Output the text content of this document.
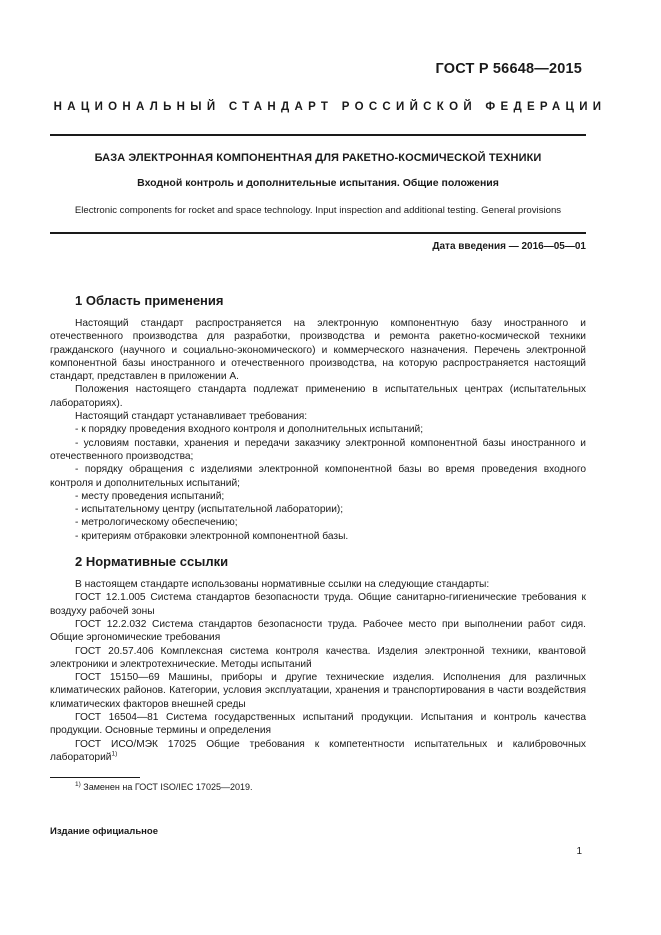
ГОСТ Р 56648—2015
НАЦИОНАЛЬНЫЙ СТАНДАРТ РОССИЙСКОЙ ФЕДЕРАЦИИ
БАЗА ЭЛЕКТРОННАЯ КОМПОНЕНТНАЯ ДЛЯ РАКЕТНО-КОСМИЧЕСКОЙ ТЕХНИКИ
Входной контроль и дополнительные испытания. Общие положения
Electronic components for rocket and space technology. Input inspection and additional testing. General provisions
Дата введения — 2016—05—01
1 Область применения

Настоящий стандарт распространяется на электронную компонентную базу иностранного и отечественного производства для разработки, производства и ремонта ракетно-космической техники гражданского (научного и социально-экономического) и коммерческого назначения. Перечень электронной компонентной базы иностранного и отечественного производства, на которую распространяется настоящий стандарт, представлен в приложении А.

Положения настоящего стандарта подлежат применению в испытательных центрах (испытательных лабораториях).

Настоящий стандарт устанавливает требования:

- к порядку проведения входного контроля и дополнительных испытаний;

- условиям поставки, хранения и передачи заказчику электронной компонентной базы иностранного и отечественного производства;

- порядку обращения с изделиями электронной компонентной базы во время проведения входного контроля и дополнительных испытаний;

- месту проведения испытаний;

- испытательному центру (испытательной лаборатории);

- метрологическому обеспечению;

- критериям отбраковки электронной компонентной базы.

2 Нормативные ссылки

В настоящем стандарте использованы нормативные ссылки на следующие стандарты:

ГОСТ 12.1.005 Система стандартов безопасности труда. Общие санитарно-гигиенические требования к воздуху рабочей зоны

ГОСТ 12.2.032 Система стандартов безопасности труда. Рабочее место при выполнении работ сидя. Общие эргономические требования

ГОСТ 20.57.406 Комплексная система контроля качества. Изделия электронной техники, квантовой электроники и электротехнические. Методы испытаний

ГОСТ 15150—69 Машины, приборы и другие технические изделия. Исполнения для различных климатических районов. Категории, условия эксплуатации, хранения и транспортирования в части воздействия климатических факторов внешней среды

ГОСТ 16504—81 Система государственных испытаний продукции. Испытания и контроль качества продукции. Основные термины и определения

ГОСТ ИСО/МЭК 17025 Общие требования к компетентности испытательных и калибровочных лабораторий$^{1)}$

$^{1)}$ Заменен на ГОСТ ISO/IEC 17025—2019.
Издание официальное
1
